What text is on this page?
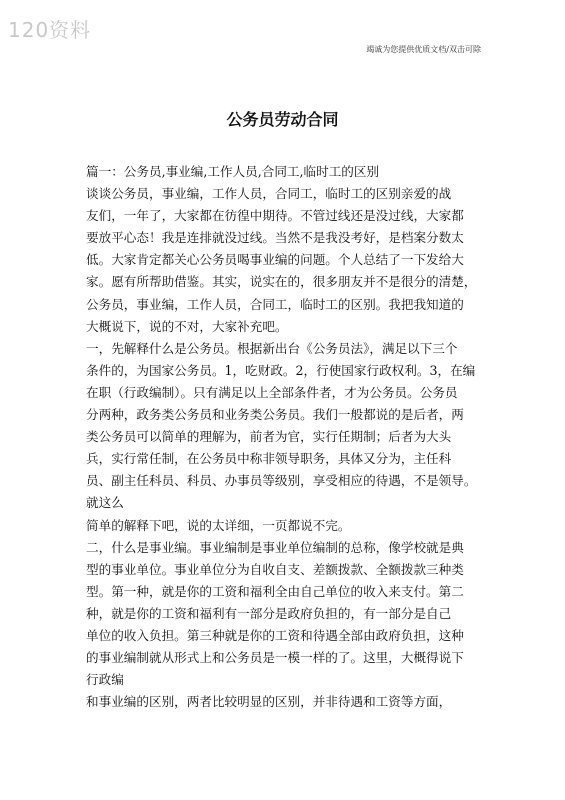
120资料
竭诚为您提供优质文档/双击可除
公务员劳动合同
篇一：公务员,事业编,工作人员,合同工,临时工的区别
谈谈公务员，事业编，工作人员，合同工，临时工的区别亲爱的战
友们，一年了，大家都在彷徨中期待。不管过线还是没过线，大家都
要放平心态！我是连排就没过线。当然不是我没考好，是档案分数太
低。大家肯定都关心公务员喝事业编的问题。个人总结了一下发给大
家。愿有所帮助借鉴。其实，说实在的，很多朋友并不是很分的清楚，
公务员，事业编，工作人员，合同工，临时工的区别。我把我知道的
大概说下，说的不对，大家补充吧。
一，先解释什么是公务员。根据新出台《公务员法》，满足以下三个
条件的，为国家公务员。1，吃财政。2，行使国家行政权利。3，在编
在职（行政编制）。只有满足以上全部条件者，才为公务员。公务员
分两种，政务类公务员和业务类公务员。我们一般都说的是后者，两
类公务员可以简单的理解为，前者为官，实行任期制；后者为大头
兵，实行常任制，在公务员中称非领导职务，具体又分为，主任科
员、副主任科员、科员、办事员等级别，享受相应的待遇，不是领导。
就这么
简单的解释下吧，说的太详细，一页都说不完。
二，什么是事业编。事业编制是事业单位编制的总称，像学校就是典
型的事业单位。事业单位分为自收自支、差额拨款、全额拨款三种类
型。第一种，就是你的工资和福利全由自己单位的收入来支付。第二
种，就是你的工资和福利有一部分是政府负担的，有一部分是自己
单位的收入负担。第三种就是你的工资和待遇全部由政府负担，这种
的事业编制就从形式上和公务员是一模一样的了。这里，大概得说下
行政编
和事业编的区别，两者比较明显的区别，并非待遇和工资等方面，
